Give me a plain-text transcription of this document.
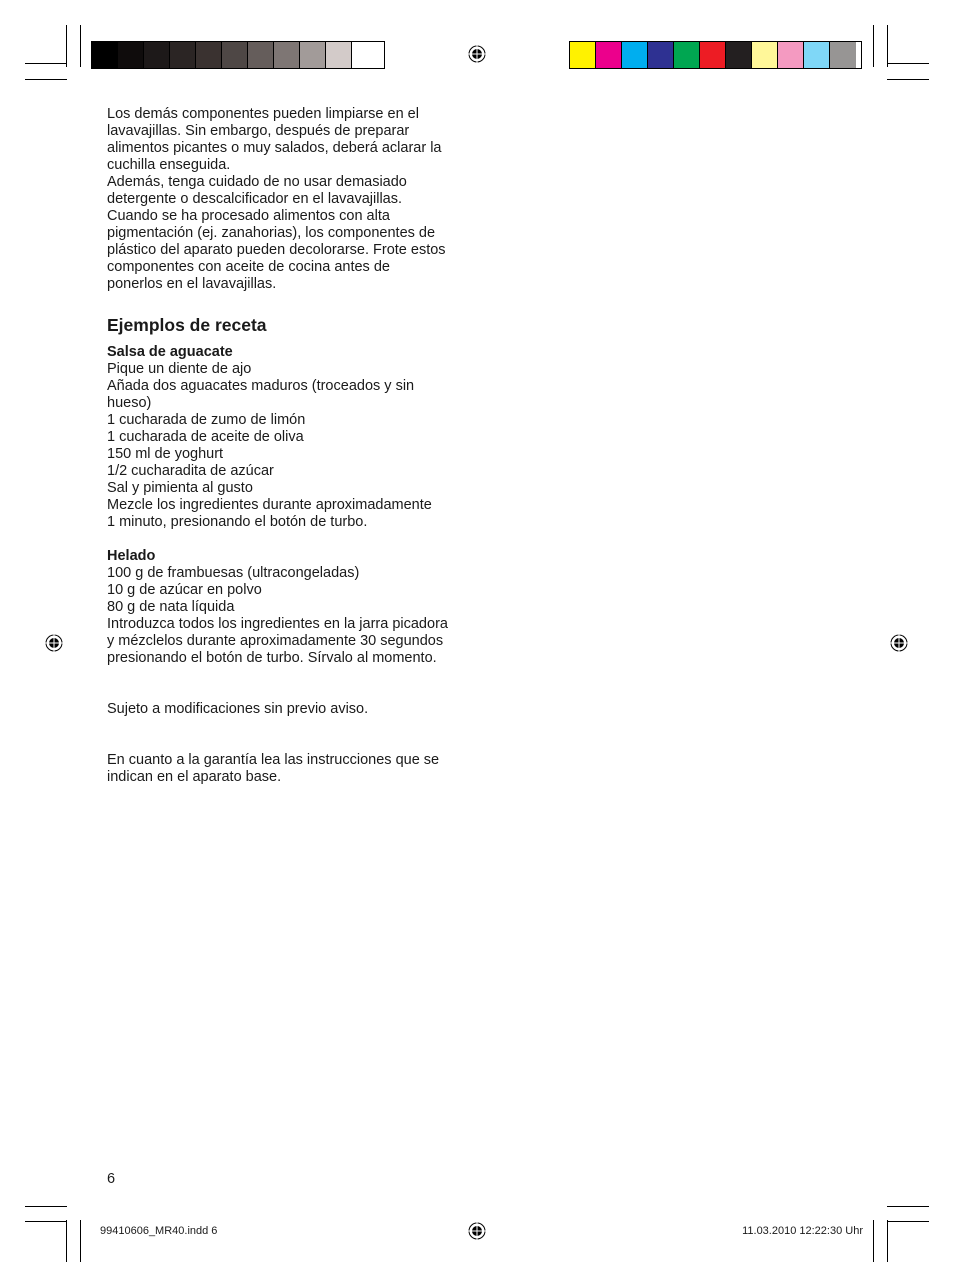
Los demás componentes pueden limpiarse en el
lavavajillas. Sin embargo, después de preparar
alimentos picantes o muy salados, deberá aclarar la
cuchilla enseguida.
Además, tenga cuidado de no usar demasiado
detergente o descalcificador en el lavavajillas.
Cuando se ha procesado alimentos con alta
pigmentación (ej. zanahorias), los componentes de
plástico del aparato pueden decolorarse. Frote estos
componentes con aceite de cocina antes de
ponerlos en el lavavajillas.
Ejemplos de receta
Salsa de aguacate
Pique un diente de ajo
Añada dos aguacates maduros (troceados y sin
hueso)
1 cucharada de zumo de limón
1 cucharada de aceite de oliva
150 ml de yoghurt
1/2 cucharadita de azúcar
Sal y pimienta al gusto
Mezcle los ingredientes durante aproximadamente
1 minuto, presionando el botón de turbo.
Helado
100 g de frambuesas (ultracongeladas)
10 g de azúcar en polvo
80 g de nata líquida
Introduzca todos los ingredientes en la jarra picadora
y mézclelos durante aproximadamente 30 segundos
presionando el botón de turbo. Sírvalo al momento.
Sujeto a modificaciones sin previo aviso.
En cuanto a la garantía lea las instrucciones que se
indican en el aparato base.
6
99410606_MR40.indd 6	11.03.2010 12:22:30 Uhr
